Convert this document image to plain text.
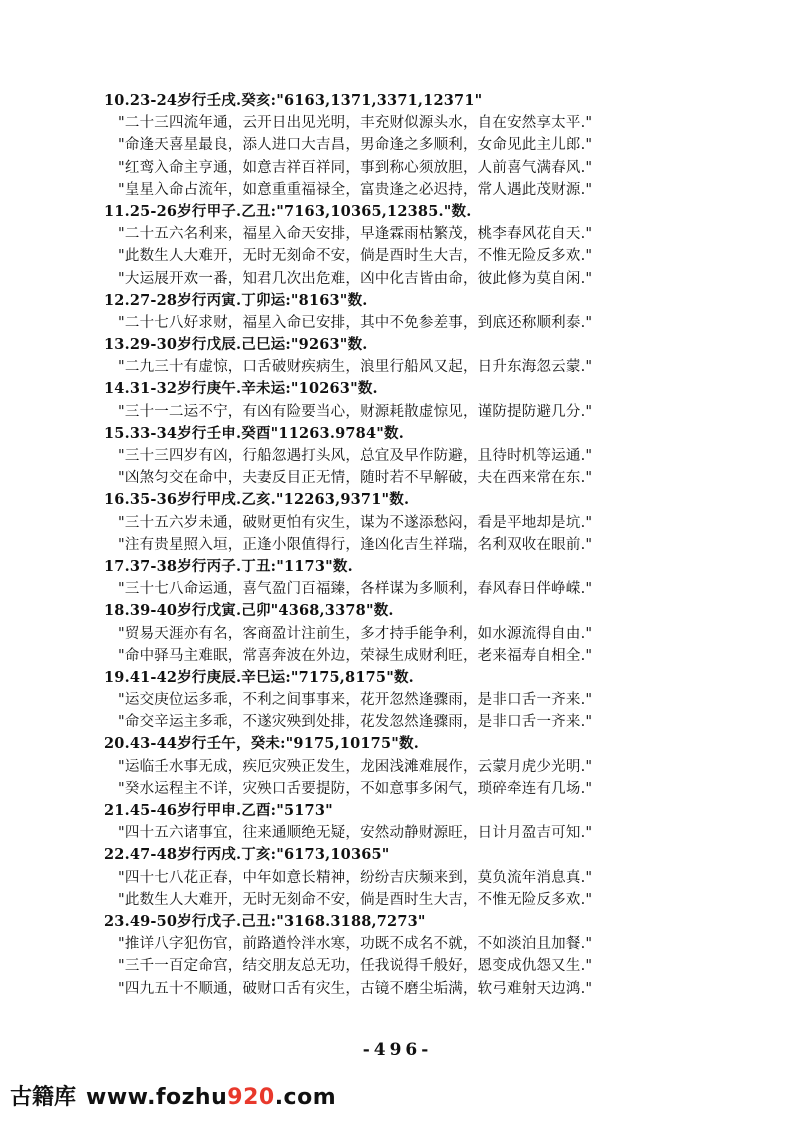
10.23-24岁行壬戌.癸亥:"6163,1371,3371,12371"
"二十三四流年通，云开日出见光明，丰充财似源头水，自在安然享太平."
"命逢天喜星最良，添人进口大吉昌，男命逢之多顺利，女命见此主儿郎."
"红鸾入命主亨通，如意吉祥百祥同，事到称心须放胆，人前喜气满春风."
"皇星入命占流年，如意重重福禄全，富贵逢之必迟持，常人遇此茂财源."
11.25-26岁行甲子.乙丑:"7163,10365,12385."数.
"二十五六名利来，福星入命天安排，早逢霖雨枯繁茂，桃李春风花自天."
"此数生人大难开，无时无刻命不安，倘是酉时生大吉，不惟无险反多欢."
"大运展开欢一番，知君几次出危难，凶中化吉皆由命，彼此修为莫自闲."
12.27-28岁行丙寅.丁卯运:"8163"数.
"二十七八好求财，福星入命已安排，其中不免参差事，到底还称顺利泰."
13.29-30岁行戊辰.己巳运:"9263"数.
"二九三十有虚惊，口舌破财疾病生，浪里行船风又起，日升东海忽云蒙."
14.31-32岁行庚午.辛未运:"10263"数.
"三十一二运不宁，有凶有险要当心，财源耗散虚惊见，谨防提防避几分."
15.33-34岁行壬申.癸酉"11263.9784"数.
"三十三四岁有凶，行船忽遇打头风，总宜及早作防避，且待时机等运通."
"凶煞匀交在命中，夫妻反目正无情，随时若不早解破，夫在西来常在东."
16.35-36岁行甲戌.乙亥."12263,9371"数.
"三十五六岁未通，破财更怕有灾生，谋为不遂添愁闷，看是平地却是坑."
"注有贵星照入垣，正逢小限值得行，逢凶化吉生祥瑞，名利双收在眼前."
17.37-38岁行丙子.丁丑:"1173"数.
"三十七八命运通，喜气盈门百福臻，各样谋为多顺利，春风春日伴峥嵘."
18.39-40岁行戊寅.己卯"4368,3378"数.
"贸易天涯亦有名，客商盈计注前生，多才持手能争利，如水源流得自由."
"命中驿马主难眠，常喜奔波在外边，荣禄生成财利旺，老来福寿自相全."
19.41-42岁行庚辰.辛巳运:"7175,8175"数.
"运交庚位运多乖，不利之间事事来，花开忽然逢骤雨，是非口舌一齐来."
"命交辛运主多乖，不遂灾殃到处排，花发忽然逢骤雨，是非口舌一齐来."
20.43-44岁行壬午，癸未:"9175,10175"数.
"运临壬水事无成，疾厄灾殃正发生，龙困浅滩难展作，云蒙月虎少光明."
"癸水运程主不详，灾殃口舌要提防，不如意事多闲气，琐碎牵连有几场."
21.45-46岁行甲申.乙酉:"5173"
"四十五六诸事宜，往来通顺绝无疑，安然动静财源旺，日计月盈吉可知."
22.47-48岁行丙戌.丁亥:"6173,10365"
"四十七八花正春，中年如意长精神，纷纷吉庆频来到，莫负流年消息真."
"此数生人大难开，无时无刻命不安，倘是酉时生大吉，不惟无险反多欢."
23.49-50岁行戊子.己丑:"3168.3188,7273"
"推详八字犯伤官，前路遒怜泮水寒，功既不成名不就，不如淡泊且加餐."
"三千一百定命宫，结交朋友总无功，任我说得千般好，恩变成仇怨又生."
"四九五十不顺通，破财口舌有灾生，古镜不磨尘垢满，软弓难射天边鸿."
-496-
古籍库 www.fozhu920.com
